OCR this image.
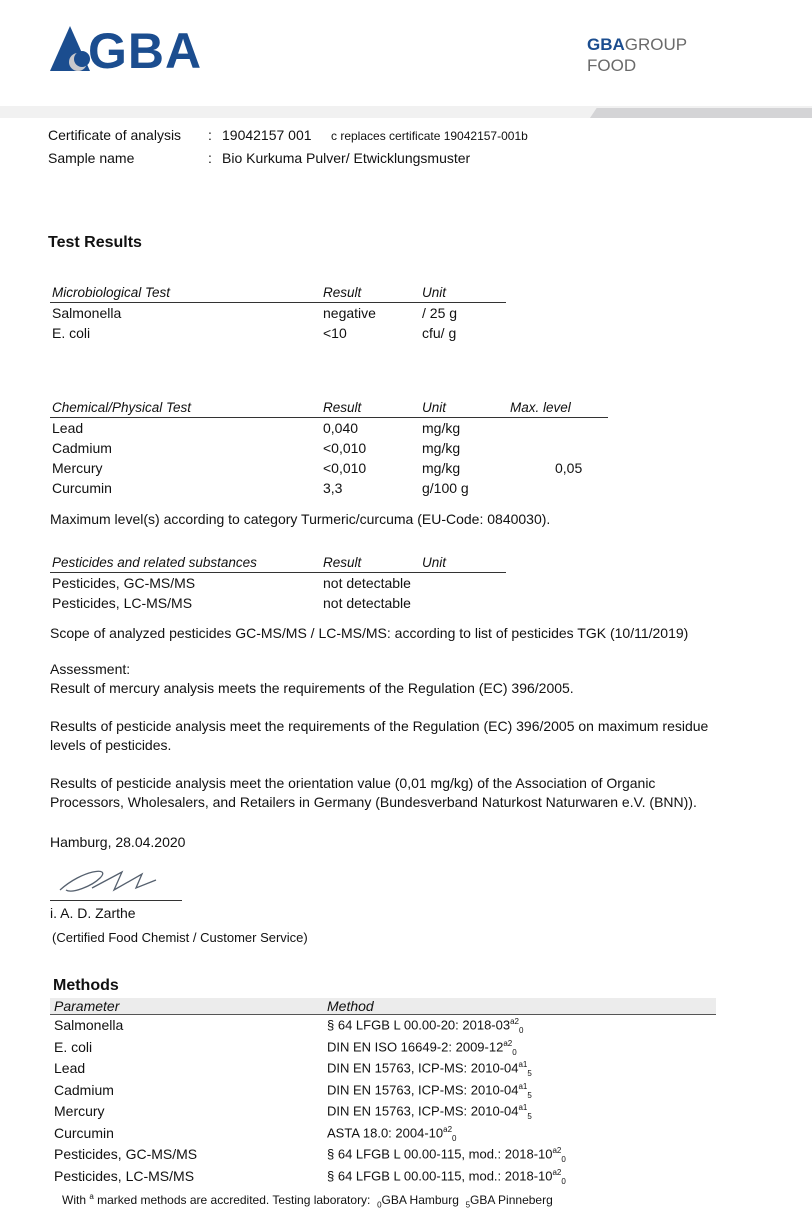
GBA	GBAGROUP
FOOD
Certificate of analysis : 19042157 001 c replaces certificate 19042157-001b
Sample name	: Bio Kurkuma Pulver/ Etwicklungsmuster
Test Results
Microbiological Test	Result	Unit
Salmonella	negative	/ 25 g
E. coli	<10	cfu/ g
Chemical/Physical Test	Result	Unit	Max. level
Lead	0,040	mg/kg
Cadmium	<0,010	mg/kg
Mercury	<0,010	mg/kg	0,05
Curcumin	3,3	g/100 g
Pesticides and related substances	Result	Unit
Pesticides, GC-MS/MS	not detectable
Pesticides, LC-MS/MS	not detectable
Maximum level(s) according to category Turmeric/curcuma (EU-Code: 0840030).
Scope of analyzed pesticides GC-MS/MS / LC-MS/MS: according to list of pesticides TGK (10/11/2019)
Assessment:
Result of mercury analysis meets the requirements of the Regulation (EC) 396/2005.
Results of pesticide analysis meet the requirements of the Regulation (EC) 396/2005 on maximum residue
levels of pesticides.
Results of pesticide analysis meet the orientation value (0,01 mg/kg) of the Association of Organic
Processors, Wholesalers, and Retailers in Germany (Bundesverband Naturkost Naturwaren e.V. (BNN)).
Hamburg, 28.04.2020
i. A. D. Zarthe
(Certified Food Chemist / Customer Service)
Methods
Parameter	Method
Salmonella	§ 64 LFGB L 00.00-20: $2018-03^{a2}_0$
E. coli	DIN EN ISO 16649-2: $2009-12^{a2}_0$
Lead	DIN EN 15763, ICP-MS: $2010-04^{a1}_5$
Cadmium	DIN EN 15763, ICP-MS: $2010-04^{a1}_5$
Mercury	DIN EN 15763, ICP-MS: $2010-04^{a1}_5$
Curcumin	ASTA 18.0: $2004-10^{a2}_0$
Pesticides, GC-MS/MS	§ 64 LFGB L 00.00-115, mod.: $2018-10^{a2}_0$
Pesticides, LC-MS/MS	§ 64 LFGB L 00.00-115, mod.: $2018-10^{a2}_0$
With $^a$ marked methods are accredited. Testing laboratory: $_0$GBA Hamburg $_5$GBA Pinneberg
